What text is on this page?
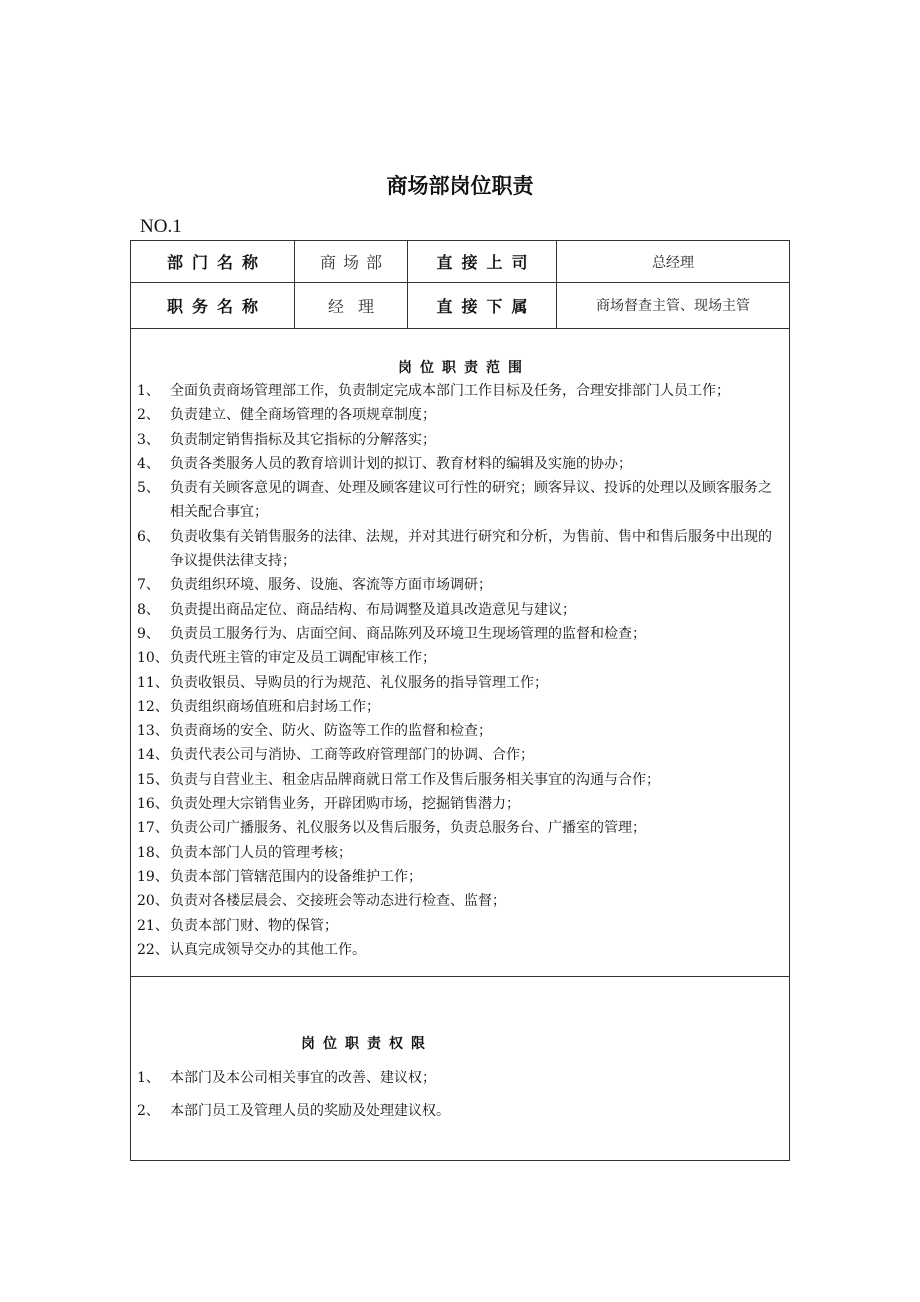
商场部岗位职责

NO.1

部门名称	商场部	直接上司	总经理
职务名称	经理	直接下属	商场督查主管、现场主管
岗位职责范围
1、 全面负责商场管理部工作，负责制定完成本部门工作目标及任务，合理安排部门人员工作；
2、 负责建立、健全商场管理的各项规章制度；
3、 负责制定销售指标及其它指标的分解落实；
4、 负责各类服务人员的教育培训计划的拟订、教育材料的编辑及实施的协办；
5、 负责有关顾客意见的调查、处理及顾客建议可行性的研究；顾客异议、投诉的处理以及顾客服务之相关配合事宜；
6、 负责收集有关销售服务的法律、法规，并对其进行研究和分析，为售前、售中和售后服务中出现的争议提供法律支持；
7、 负责组织环境、服务、设施、客流等方面市场调研；
8、 负责提出商品定位、商品结构、布局调整及道具改造意见与建议；
9、 负责员工服务行为、店面空间、商品陈列及环境卫生现场管理的监督和检查；
10、 负责代班主管的审定及员工调配审核工作；
11、 负责收银员、导购员的行为规范、礼仪服务的指导管理工作；
12、 负责组织商场值班和启封场工作；
13、 负责商场的安全、防火、防盗等工作的监督和检查；
14、 负责代表公司与消协、工商等政府管理部门的协调、合作；
15、 负责与自营业主、租金店品牌商就日常工作及售后服务相关事宜的沟通与合作；
16、 负责处理大宗销售业务，开辟团购市场，挖掘销售潜力；
17、 负责公司广播服务、礼仪服务以及售后服务，负责总服务台、广播室的管理；
18、 负责本部门人员的管理考核；
19、 负责本部门管辖范围内的设备维护工作；
20、 负责对各楼层晨会、交接班会等动态进行检查、监督；
21、 负责本部门财、物的保管；
22、 认真完成领导交办的其他工作。
岗位职责权限
1、 本部门及本公司相关事宜的改善、建议权；
2、 本部门员工及管理人员的奖励及处理建议权。
